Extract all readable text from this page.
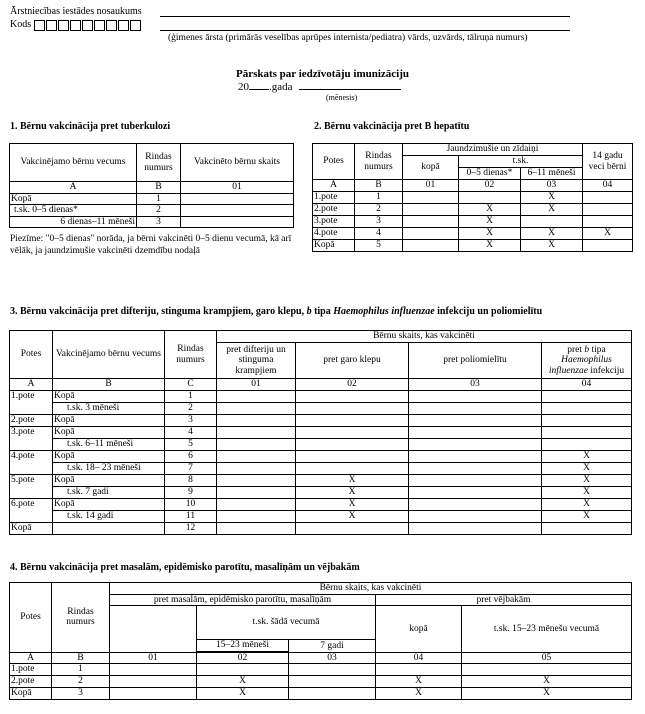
Ārstniecības iestādes nosaukums
Kods
(ģimenes ārsta (primārās veselības aprūpes internista/pediatra) vārds, uzvārds, tālruņa numurs)
Pārskats par iedzīvotāju imunizāciju
20 .gada
(mēnesis)
1. Bērnu vakcinācija pret tuberkulozi
Vakcinējamo bērnu vecums	Rindas numurs	Vakcinēto bērnu skaits
A	B	01
Kopā	1	
t.sk. 0–5 dienas*	2	
6 dienas–11 mēneši	3	
Piezīme: "0–5 dienas" norāda, ja bērni vakcinēti 0–5 dienu vecumā, kā arī vēlāk, ja jaundzimušie vakcinēti dzemdību nodaļā
2. Bērnu vakcinācija pret B hepatītu
Potes	Rindas numurs	Jaundzimušie un zīdaiņi			14 gadu veci bērni
		kopā	t.sk.		
			0–5 dienas*	6–11 mēneši	
A	B	01	02	03	04
1.pote	1			X	
2.pote	2		X	X	
3.pote	3		X		
4.pote	4		X	X	X
Kopā	5		X	X	
3. Bērnu vakcinācija pret difteriju, stinguma krampjiem, garo klepu, b tipa Haemophilus influenzae infekciju un poliomielītu
Potes	Vakcinējamo bērnu vecums	Rindas numurs	Bērnu skaits, kas vakcinēti			
			pret difteriju un stinguma krampjiem	pret garo klepu	pret poliomielītu	pret b tipa
Haemophilus influenzae infekciju
A	B	C	01	02	03	04
1.pote	Kopā	1				
	t.sk. 3 mēneši	2				
2.pote	Kopā	3				
3.pote	Kopā	4				
	t.sk. 6–11 mēneši	5				
4.pote	Kopā	6				X
	t.sk. 18– 23 mēneši	7				X
5.pote	Kopā	8		X		X
	t.sk. 7 gadi	9		X		X
6.pote	Kopā	10		X		X
	t.sk. 14 gadi	11		X		X
Kopā		12				
4. Bērnu vakcinācija pret masalām, epidēmisko parotītu, masalīņām un vējbakām
Potes	Rindas numurs	Bērnu skaits, kas vakcinēti				
		pret masalām, epidēmisko parotītu, masalīņām			pret vējbakām	
			t.sk. šādā vecumā		kopā	t.sk. 15–23 mēnešu vecumā
			15–23 mēneši	7 gadi		

A	B	01	02	03	04	05
1.pote	1					
2.pote	2		X		X	X
Kopā	3		X		X	X
